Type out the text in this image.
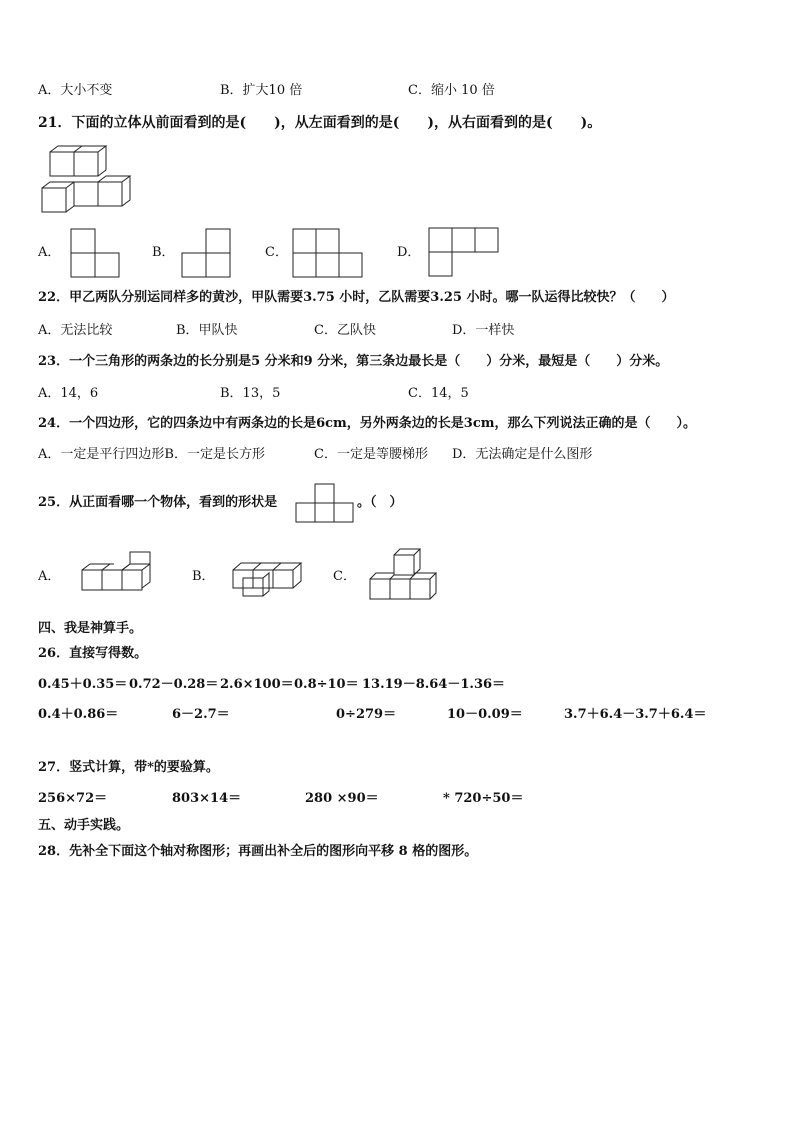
A．大小不变	B．扩大10 倍	C．缩小 10 倍
21．下面的立体从前面看到的是(　　)，从左面看到的是(　　)，从右面看到的是(　　)。
A．	B．	C．	D．
22．甲乙两队分别运同样多的黄沙，甲队需要3.75 小时，乙队需要3.25 小时。哪一队运得比较快？（　　）
A．无法比较	B．甲队快	C．乙队快	D．一样快
23．一个三角形的两条边的长分别是5 分米和9 分米，第三条边最长是（　　）分米，最短是（　　）分米。
A．14，6	B．13，5	C．14，5
24．一个四边形，它的四条边中有两条边的长是6cm，另外两条边的长是3cm，那么下列说法正确的是（　　）。
A．一定是平行四边形B．一定是长方形	C．一定是等腰梯形 D．无法确定是什么图形
25．从正面看哪一个物体，看到的形状是	。（　）
A．	B．	C．
四、我是神算手。
26．直接写得数。
0.45＋0.35＝ 0.72－0.28＝ 2.6×100＝ 0.8÷10＝ 13.19－8.64－1.36＝
0.4＋0.86＝	6－2.7＝	0÷279＝	10－0.09＝	3.7＋6.4－3.7＋6.4＝
27．竖式计算，带*的要验算。
256×72＝	803×14＝	280 ×90＝	* 720÷50＝
五、动手实践。
28．先补全下面这个轴对称图形；再画出补全后的图形向平移 8 格的图形。
